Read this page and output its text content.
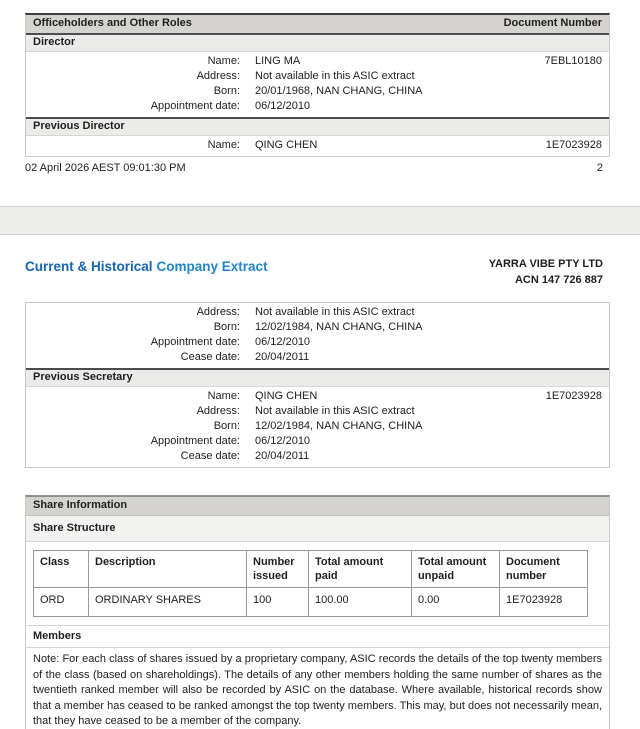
Officeholders and Other Roles	Document Number
Director
Name: LING MA	7EBL10180
Address: Not available in this ASIC extract
Born: 20/01/1968, NAN CHANG, CHINA
Appointment date: 06/12/2010
Previous Director
Name: QING CHEN	1E7023928
02 April 2026 AEST 09:01:30 PM	2
Current & Historical Company Extract	YARRA VIBE PTY LTD
ACN 147 726 887
Address: Not available in this ASIC extract
Born: 12/02/1984, NAN CHANG, CHINA
Appointment date: 06/12/2010
Cease date: 20/04/2011
Previous Secretary
Name: QING CHEN	1E7023928
Address: Not available in this ASIC extract
Born: 12/02/1984, NAN CHANG, CHINA
Appointment date: 06/12/2010
Cease date: 20/04/2011
Share Information
Share Structure
Class	Description	Number issued	Total amount paid	Total amount unpaid	Document number
ORD	ORDINARY SHARES	100	100.00	0.00	1E7023928
Members
Note: For each class of shares issued by a proprietary company, ASIC records the details of the top twenty members of the class (based on shareholdings). The details of any other members holding the same number of shares as the twentieth ranked member will also be recorded by ASIC on the database. Where available, historical records show that a member has ceased to be ranked amongst the top twenty members. This may, but does not necessarily mean, that they have ceased to be a member of the company.
